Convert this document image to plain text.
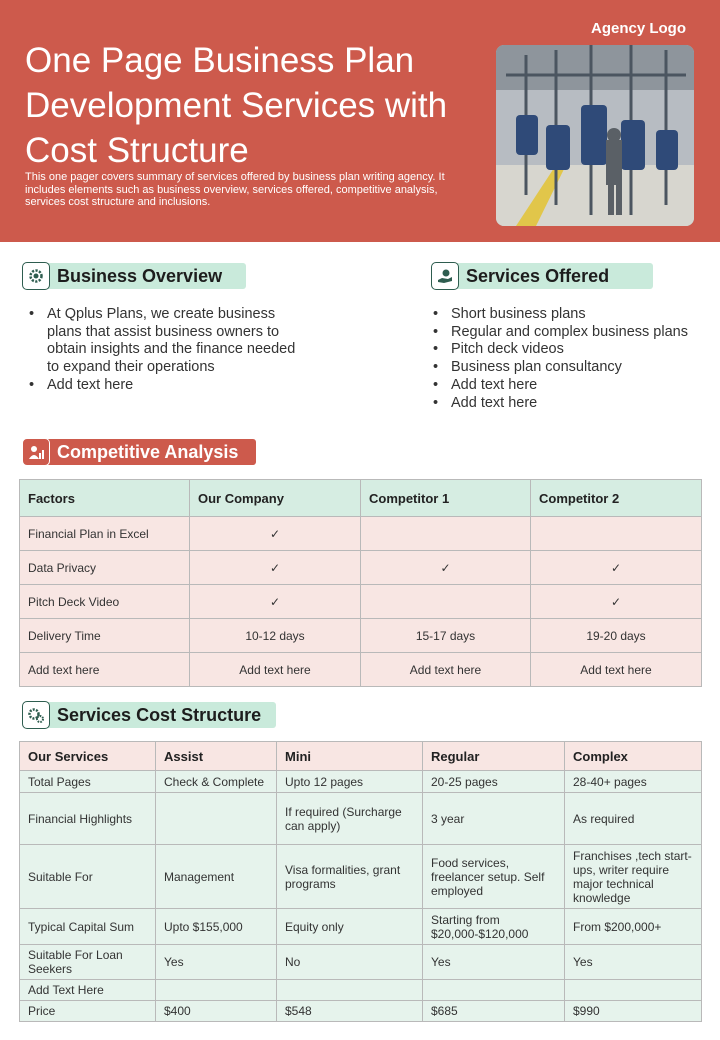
One Page Business Plan Development Services with Cost Structure
This one pager covers summary of services offered by business plan writing agency. It includes elements such as business overview, services offered, competitive analysis, services cost structure and inclusions.
Agency Logo
Business Overview
• At Qplus Plans, we create business plans that assist business owners to obtain insights and the finance needed to expand their operations
• Add text here
Services Offered
• Short business plans
• Regular and complex business plans
• Pitch deck videos
• Business plan consultancy
• Add text here
• Add text here
Competitive Analysis
Factors	Our Company	Competitor 1	Competitor 2
Financial Plan in Excel	✓		
Data Privacy	✓	✓	✓
Pitch Deck Video	✓		✓
Delivery Time	10-12 days	15-17 days	19-20 days
Add text here	Add text here	Add text here	Add text here
Services Cost Structure
Our Services	Assist	Mini	Regular	Complex
Total Pages	Check & Complete	Upto 12 pages	20-25 pages	28-40+ pages
Financial Highlights		If required (Surcharge can apply)	3 year	As required
Suitable For	Management	Visa formalities, grant programs	Food services, freelancer setup. Self employed	Franchises ,tech start-ups, writer require major technical knowledge
Typical Capital Sum	Upto $155,000	Equity only	Starting from $20,000-$120,000	From $200,000+
Suitable For Loan Seekers	Yes	No	Yes	Yes
Add Text Here				
Price	$400	$548	$685	$990
